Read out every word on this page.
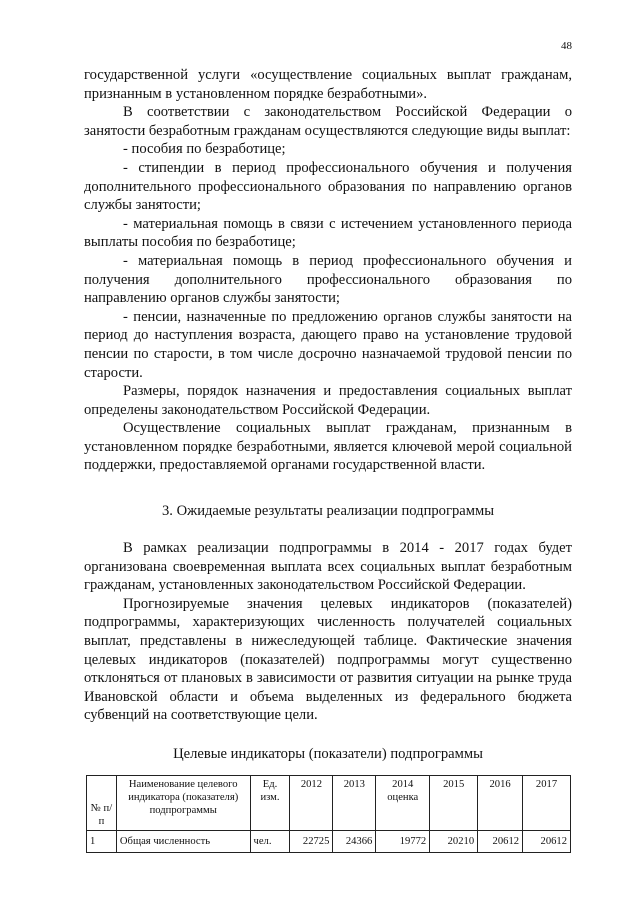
48

государственной услуги «осуществление социальных выплат гражданам, признанным в установленном порядке безработными».

В соответствии с законодательством Российской Федерации о занятости безработным гражданам осуществляются следующие виды выплат:

- пособия по безработице;

- стипендии в период профессионального обучения и получения дополнительного профессионального образования по направлению органов службы занятости;

- материальная помощь в связи с истечением установленного периода выплаты пособия по безработице;

- материальная помощь в период профессионального обучения и получения дополнительного профессионального образования по направлению органов службы занятости;

- пенсии, назначенные по предложению органов службы занятости на период до наступления возраста, дающего право на установление трудовой пенсии по старости, в том числе досрочно назначаемой трудовой пенсии по старости.

Размеры, порядок назначения и предоставления социальных выплат определены законодательством Российской Федерации.

Осуществление социальных выплат гражданам, признанным в установленном порядке безработными, является ключевой мерой социальной поддержки, предоставляемой органами государственной власти.

3. Ожидаемые результаты реализации подпрограммы

В рамках реализации подпрограммы в 2014 - 2017 годах будет организована своевременная выплата всех социальных выплат безработным гражданам, установленных законодательством Российской Федерации.

Прогнозируемые значения целевых индикаторов (показателей) подпрограммы, характеризующих численность получателей социальных выплат, представлены в нижеследующей таблице. Фактические значения целевых индикаторов (показателей) подпрограммы могут существенно отклоняться от плановых в зависимости от развития ситуации на рынке труда Ивановской области и объема выделенных из федерального бюджета субвенций на соответствующие цели.

Целевые индикаторы (показатели) подпрограммы
№ п/п	Наименование целевого индикатора (показателя) подпрограммы	Ед. изм.	2012	2013	2014 оценка	2015	2016	2017
1	Общая численность	чел.	22725	24366	19772	20210	20612	20612
